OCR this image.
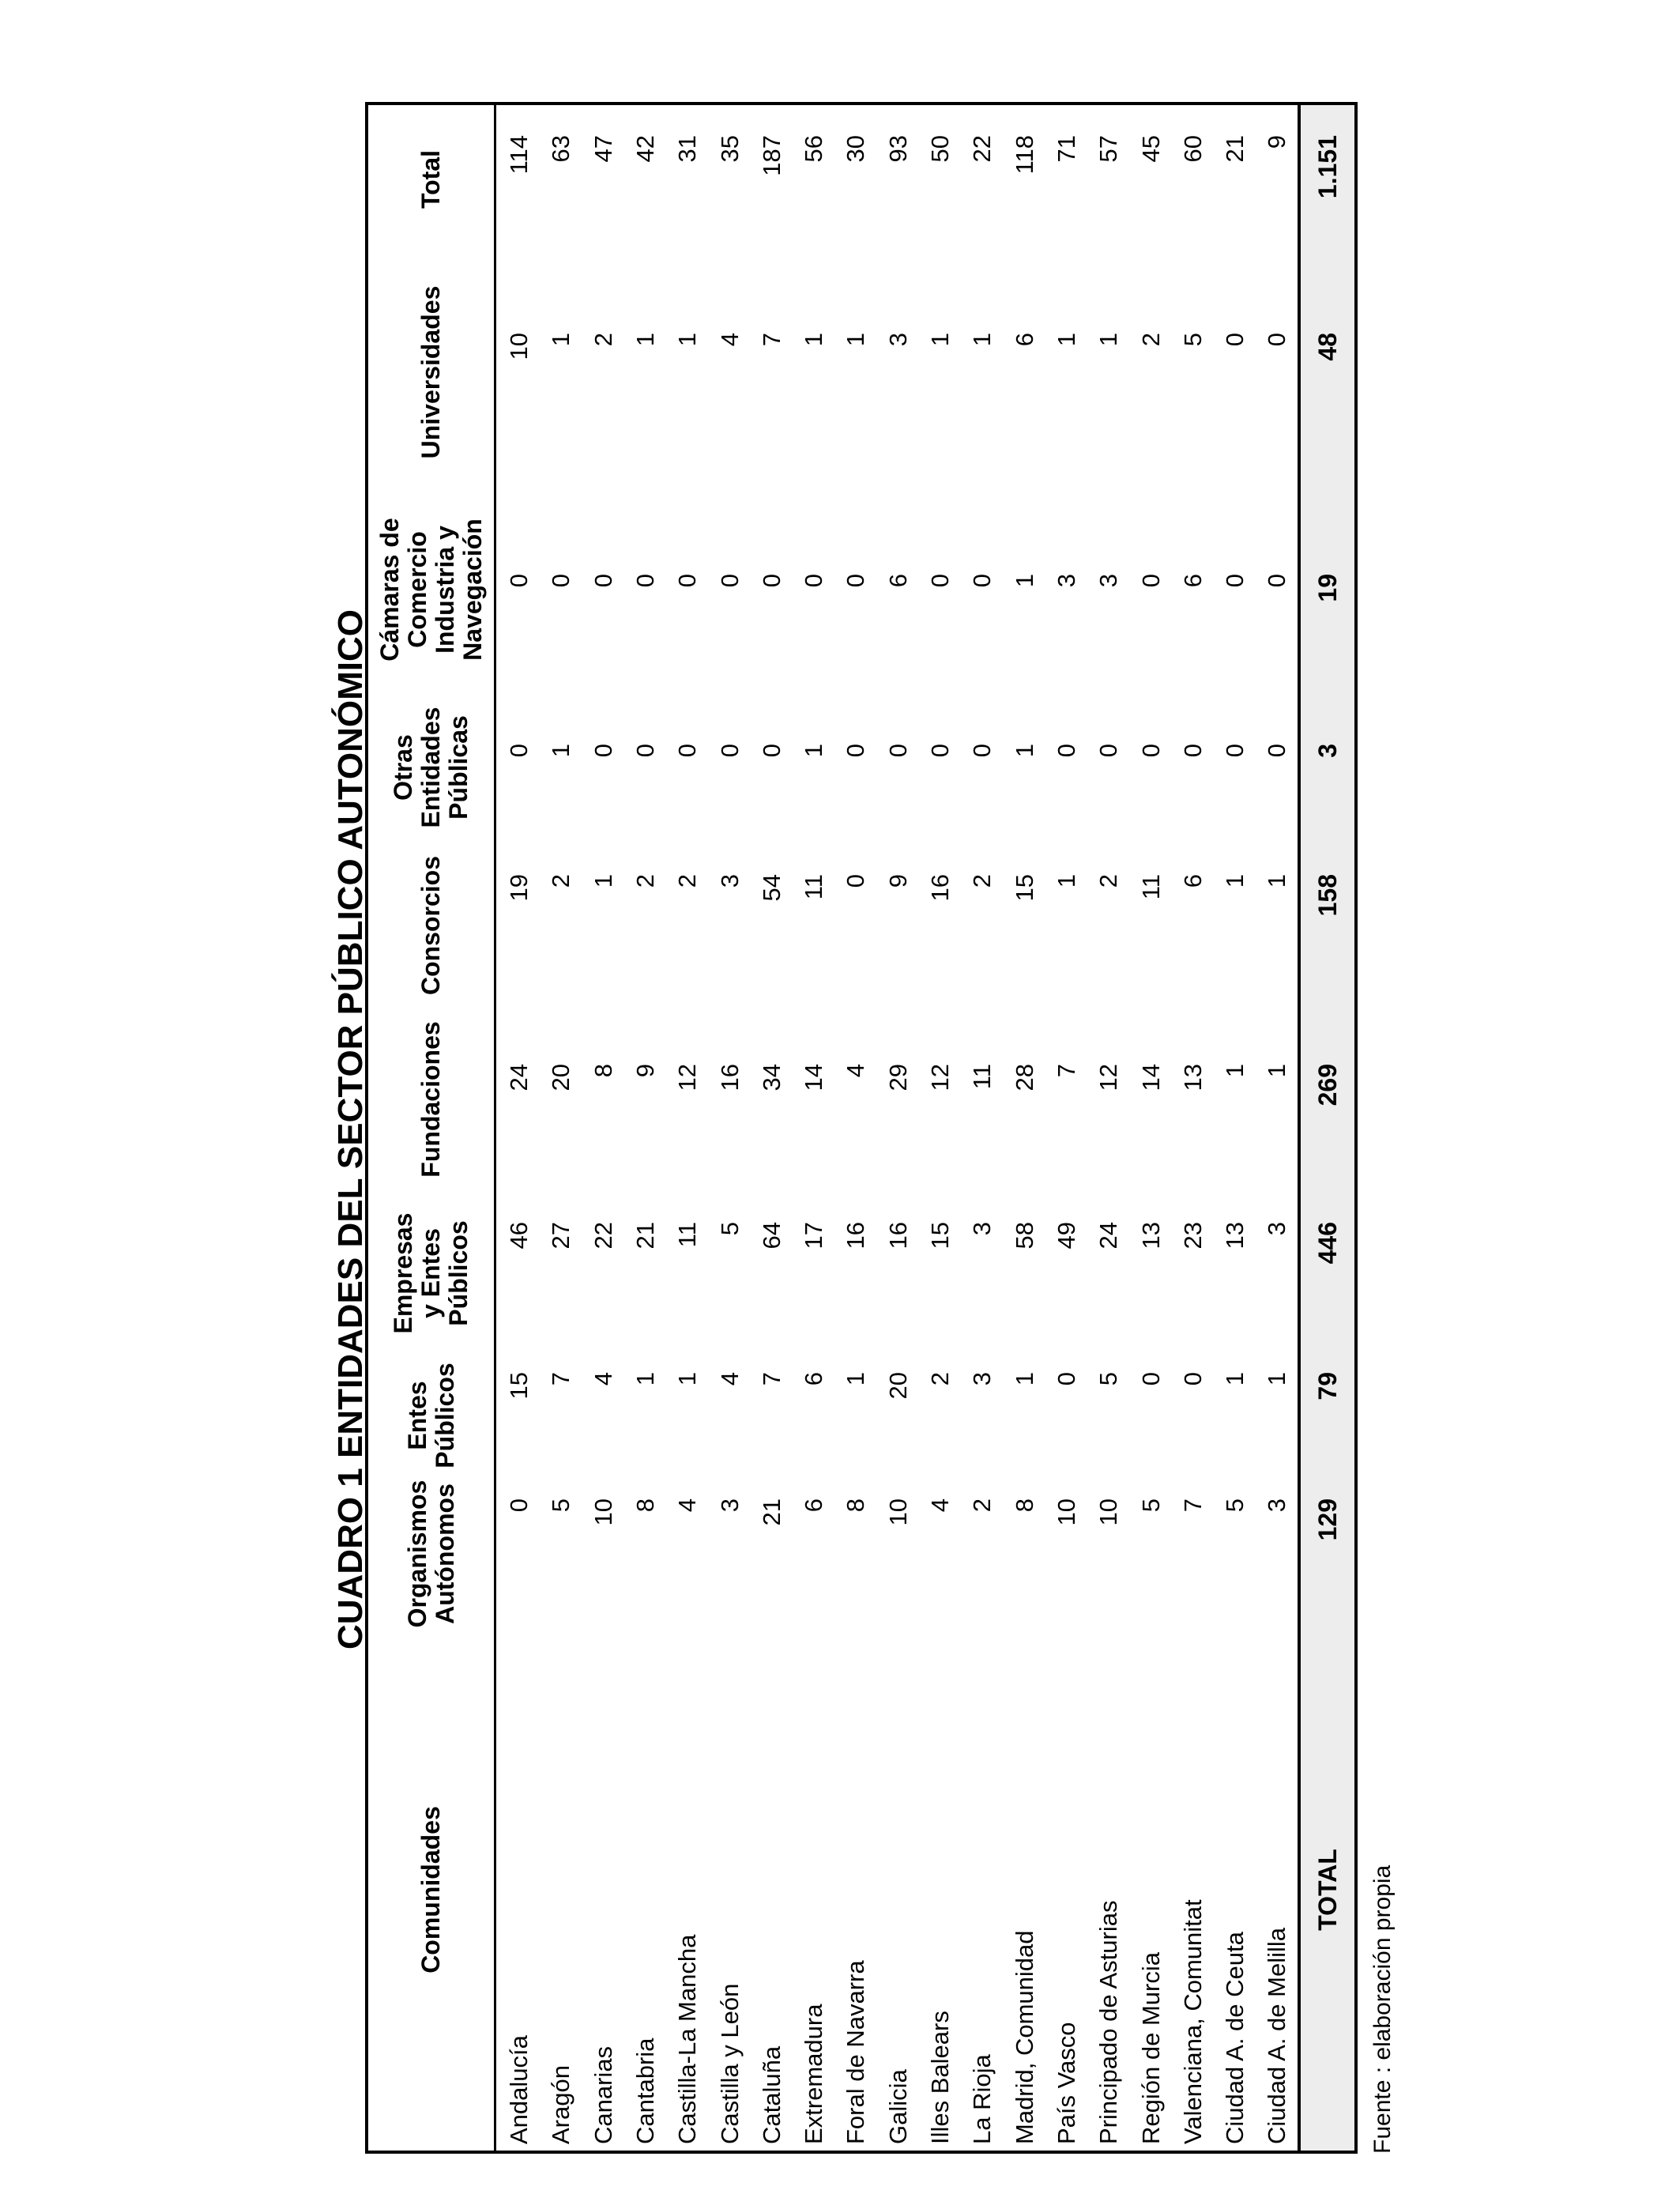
CUADRO 1 ENTIDADES DEL SECTOR PÚBLICO AUTONÓMICO
Comunidades
Organismos
Autónomos
Entes
Públicos
Empresas
y Entes
Públicos
Fundaciones
Consorcios
Otras
Entidades
Públicas
Cámaras de
Comercio
Industria y
Navegación
Universidades
Total
Andalucía
0
15
46
24
19
0
0
10
114
Aragón
5
7
27
20
2
1
0
1
63
Canarias
10
4
22
8
1
0
0
2
47
Cantabria
8
1
21
9
2
0
0
1
42
Castilla-La Mancha
4
1
11
12
2
0
0
1
31
Castilla y León
3
4
5
16
3
0
0
4
35
Cataluña
21
7
64
34
54
0
0
7
187
Extremadura
6
6
17
14
11
1
0
1
56
Foral de Navarra
8
1
16
4
0
0
0
1
30
Galicia
10
20
16
29
9
0
6
3
93
Illes Balears
4
2
15
12
16
0
0
1
50
La Rioja
2
3
3
11
2
0
0
1
22
Madrid, Comunidad
8
1
58
28
15
1
1
6
118
País Vasco
10
0
49
7
1
0
3
1
71
Principado de Asturias
10
5
24
12
2
0
3
1
57
Región de Murcia
5
0
13
14
11
0
0
2
45
Valenciana, Comunitat
7
0
23
13
6
0
6
5
60
Ciudad A. de Ceuta
5
1
13
1
1
0
0
0
21
Ciudad A. de Melilla
3
1
3
1
1
0
0
0
9
TOTAL
129
79
446
269
158
3
19
48
1.151
Fuente : elaboración propia
